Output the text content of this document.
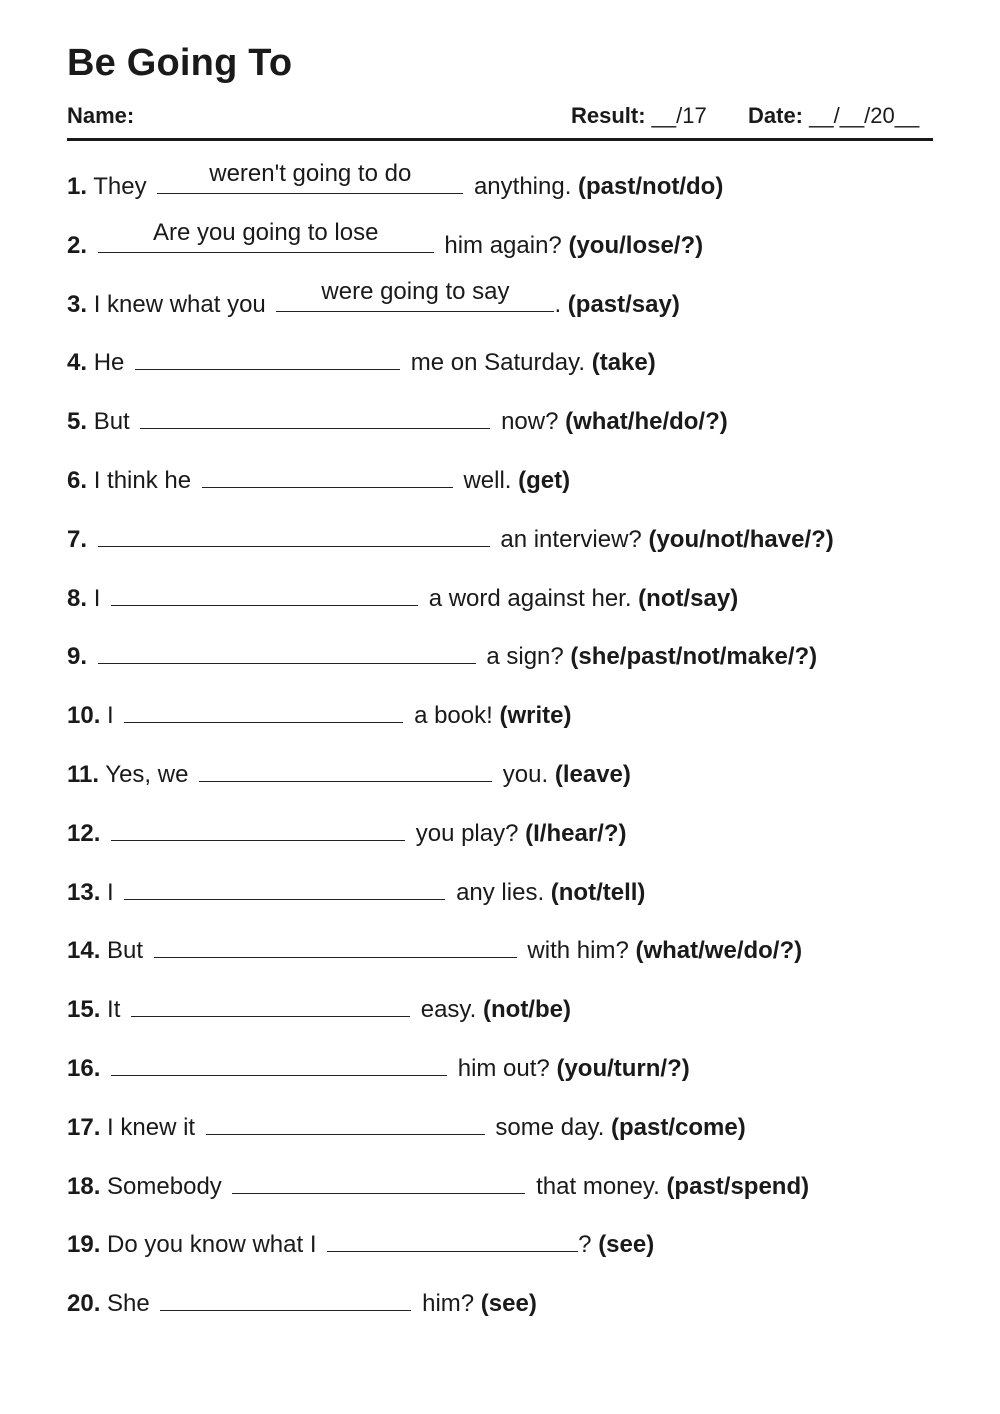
Be Going To
Name:	Result: __/17 Date: __/__/20__
1. They	weren't going to do	anything. (past/not/do)
2.	Are you going to lose	him again? (you/lose/?)
3. I knew what you	were going to say	. (past/say)
4. He	me on Saturday. (take)
5. But	now? (what/he/do/?)
6. I think he	well. (get)
7.	an interview? (you/not/have/?)
8. I	a word against her. (not/say)
9.	a sign? (she/past/not/make/?)
10. I	a book! (write)
11. Yes, we	you. (leave)
12.	you play? (I/hear/?)
13. I	any lies. (not/tell)
14. But	with him? (what/we/do/?)
15. It	easy. (not/be)
16.	him out? (you/turn/?)
17. I knew it	some day. (past/come)
18. Somebody	that money. (past/spend)
19. Do you know what I	? (see)
20. She	him? (see)
